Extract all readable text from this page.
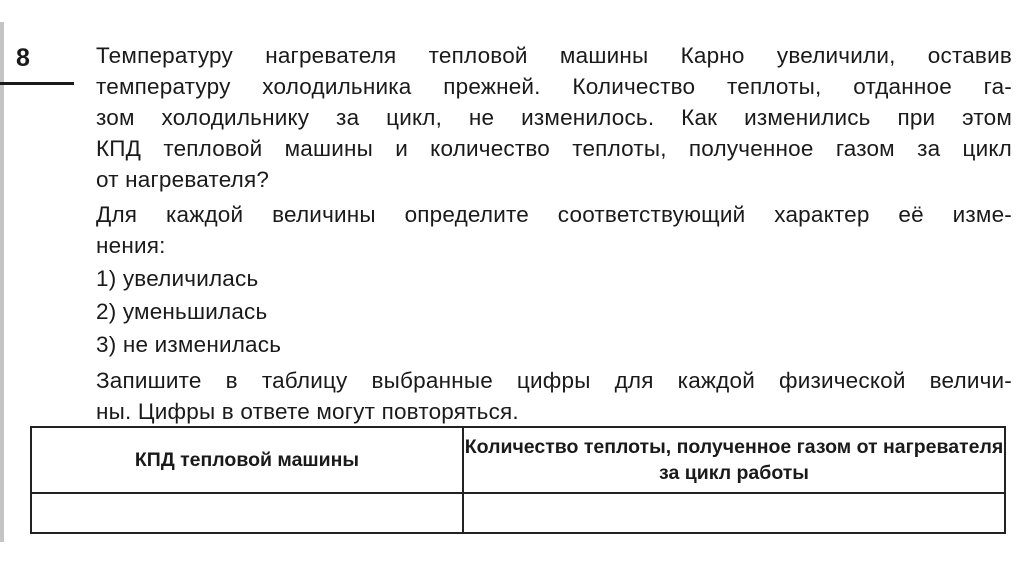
8	Температуру нагревателя тепловой машины Карно увеличили, оставив
температуру холодильника прежней. Количество теплоты, отданное га-
зом холодильнику за цикл, не изменилось. Как изменились при этом
КПД тепловой машины и количество теплоты, полученное газом за цикл
от нагревателя?
Для каждой величины определите соответствующий характер её изме-
нения:
1) увеличилась
2) уменьшилась
3) не изменилась
Запишите в таблицу выбранные цифры для каждой физической величи-
ны. Цифры в ответе могут повторяться.
КПД тепловой машины	Количество теплоты, полученное газом от нагревателя за цикл работы
